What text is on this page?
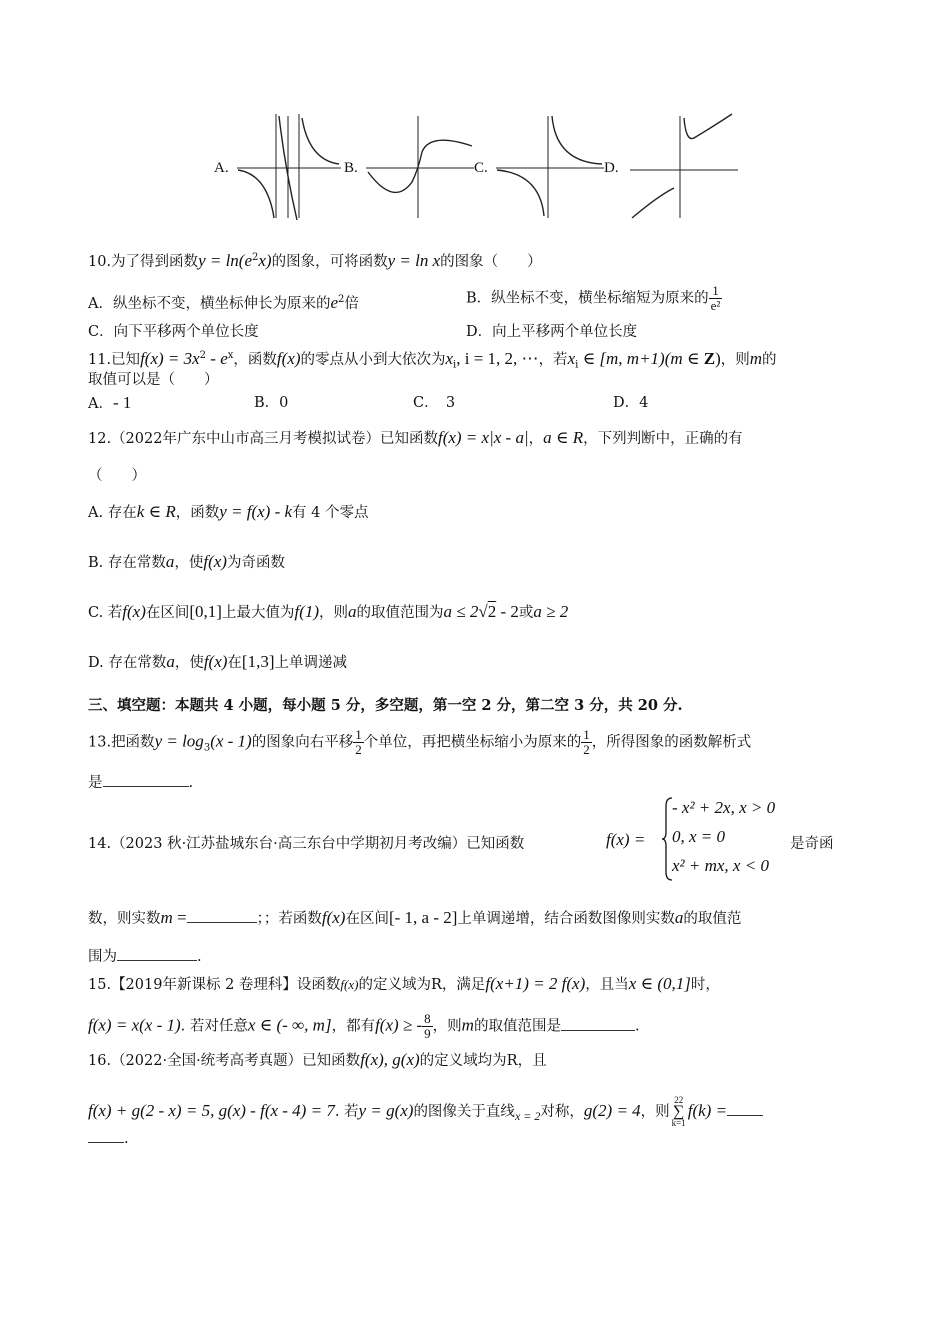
A.	B.	C.	D.
10.为了得到函数$y = \ln(e^2x)$的图象，可将函数y = ln x的图象（　　）
A．纵坐标不变，横坐标伸长为原来的$e^2$倍	B．纵坐标不变，横坐标缩短为原来的 $\frac{1}{\text{e²}}$
C．向下平移两个单位长度	D．向上平移两个单位长度
11.已知$f(x) = 3x^2 - e^x$，函数f(x)的零点从小到大依次为$x_i$, i = 1, 2, ⋯，若$x_i$ ∈ [m, m+1)(m ∈ Z)，则m的
取值可以是（　　）
A．- 1	B．0	C．　3	D．4
12.（2022年广东中山市高三月考模拟试卷）已知函数f(x) = x|x - a|，a ∈ R，下列判断中，正确的有
（　　）
A. 存在k ∈ R，函数y = f(x) - k有 4 个零点
B. 存在常数a，使f(x)为奇函数
C. 若f(x)在区间[0,1]上最大值为f(1)，则a的取值范围为a ≤ 2√2 - 2或a ≥ 2
D. 存在常数a，使f(x)在[1,3]上单调递减
三、填空题：本题共 4 小题，每小题 5 分，多空题，第一空 2 分，第二空 3 分，共 20 分.
13.把函数$y = \log_3(x - 1)$的图象向右平移 $\frac{1}{2}$ 个单位，再把横坐标缩小为原来的 $\frac{1}{2}$ ，所得图象的函数解析式
是	.
14.（2023 秋·江苏盐城东台·高三东台中学期初月考改编）已知函数	f(x) =
- x² + 2x, x > 0
0, x = 0
x² + mx, x < 0
是奇函
数，则实数m =	；；若函数f(x)在区间[- 1, a - 2]上单调递增，结合函数图像则实数a的取值范
围为	.
15.【2019年新课标 2 卷理科】设函数f(x)的定义域为R，满足f(x+1) = 2 f(x)，且当x ∈ (0,1]时，
f(x) = x(x - 1). 若对任意x ∈ (- ∞, m]，都有f(x) ≥ - $\frac{8}{9}$ ，则m的取值范围是	.
16.（2022·全国·统考高考真题）已知函数f(x), g(x)的定义域均为R，且
f(x) + g(2 - x) = 5, g(x) - f(x - 4) = 7. 若y = g(x)的图像关于直线$_{x = 2}$对称，g(2) = 4，则
22
∑
k=1
f(k) =
.
